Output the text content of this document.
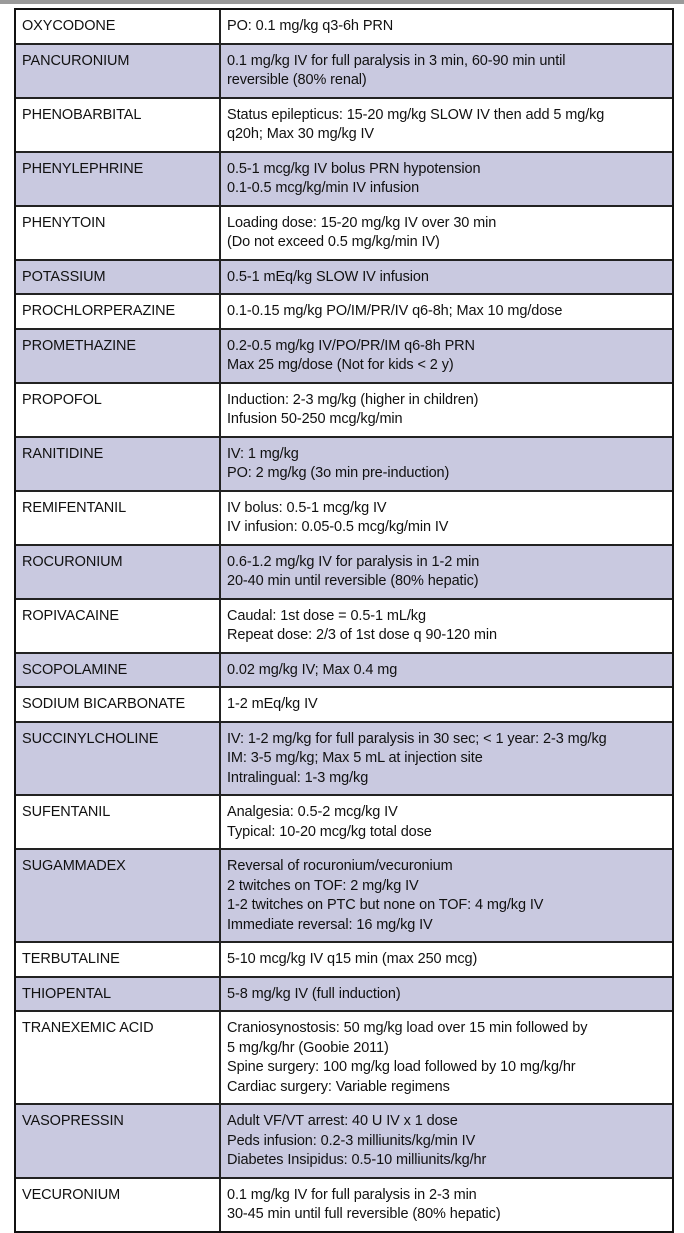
OXYCODONE	PO: 0.1 mg/kg q3-6h PRN
PANCURONIUM	0.1 mg/kg IV for full paralysis in 3 min, 60-90 min until
reversible (80% renal)
PHENOBARBITAL	Status epilepticus: 15-20 mg/kg SLOW IV then add 5 mg/kg
q20h; Max 30 mg/kg IV
PHENYLEPHRINE	0.5-1 mcg/kg IV bolus PRN hypotension
0.1-0.5 mcg/kg/min IV infusion
PHENYTOIN	Loading dose: 15-20 mg/kg IV over 30 min
(Do not exceed 0.5 mg/kg/min IV)
POTASSIUM	0.5-1 mEq/kg SLOW IV infusion
PROCHLORPERAZINE	0.1-0.15 mg/kg PO/IM/PR/IV q6-8h; Max 10 mg/dose
PROMETHAZINE	0.2-0.5 mg/kg IV/PO/PR/IM q6-8h PRN
Max 25 mg/dose (Not for kids < 2 y)
PROPOFOL	Induction: 2-3 mg/kg (higher in children)
Infusion 50-250 mcg/kg/min
RANITIDINE	IV: 1 mg/kg
PO: 2 mg/kg (3o min pre-induction)
REMIFENTANIL	IV bolus: 0.5-1 mcg/kg IV
IV infusion: 0.05-0.5 mcg/kg/min IV
ROCURONIUM	0.6-1.2 mg/kg IV for paralysis in 1-2 min
20-40 min until reversible (80% hepatic)
ROPIVACAINE	Caudal: 1st dose = 0.5-1 mL/kg
Repeat dose: 2/3 of 1st dose q 90-120 min
SCOPOLAMINE	0.02 mg/kg IV; Max 0.4 mg
SODIUM BICARBONATE	1-2 mEq/kg IV
SUCCINYLCHOLINE	IV: 1-2 mg/kg for full paralysis in 30 sec; < 1 year: 2-3 mg/kg
IM: 3-5 mg/kg; Max 5 mL at injection site
Intralingual: 1-3 mg/kg
SUFENTANIL	Analgesia: 0.5-2 mcg/kg IV
Typical: 10-20 mcg/kg total dose
SUGAMMADEX	Reversal of rocuronium/vecuronium
2 twitches on TOF: 2 mg/kg IV
1-2 twitches on PTC but none on TOF: 4 mg/kg IV
Immediate reversal: 16 mg/kg IV
TERBUTALINE	5-10 mcg/kg IV q15 min (max 250 mcg)
THIOPENTAL	5-8 mg/kg IV (full induction)
TRANEXEMIC ACID	Craniosynostosis: 50 mg/kg load over 15 min followed by
5 mg/kg/hr (Goobie 2011)
Spine surgery: 100 mg/kg load followed by 10 mg/kg/hr
Cardiac surgery: Variable regimens
VASOPRESSIN	Adult VF/VT arrest: 40 U IV x 1 dose
Peds infusion: 0.2-3 milliunits/kg/min IV
Diabetes Insipidus: 0.5-10 milliunits/kg/hr
VECURONIUM	0.1 mg/kg IV for full paralysis in 2-3 min
30-45 min until full reversible (80% hepatic)
